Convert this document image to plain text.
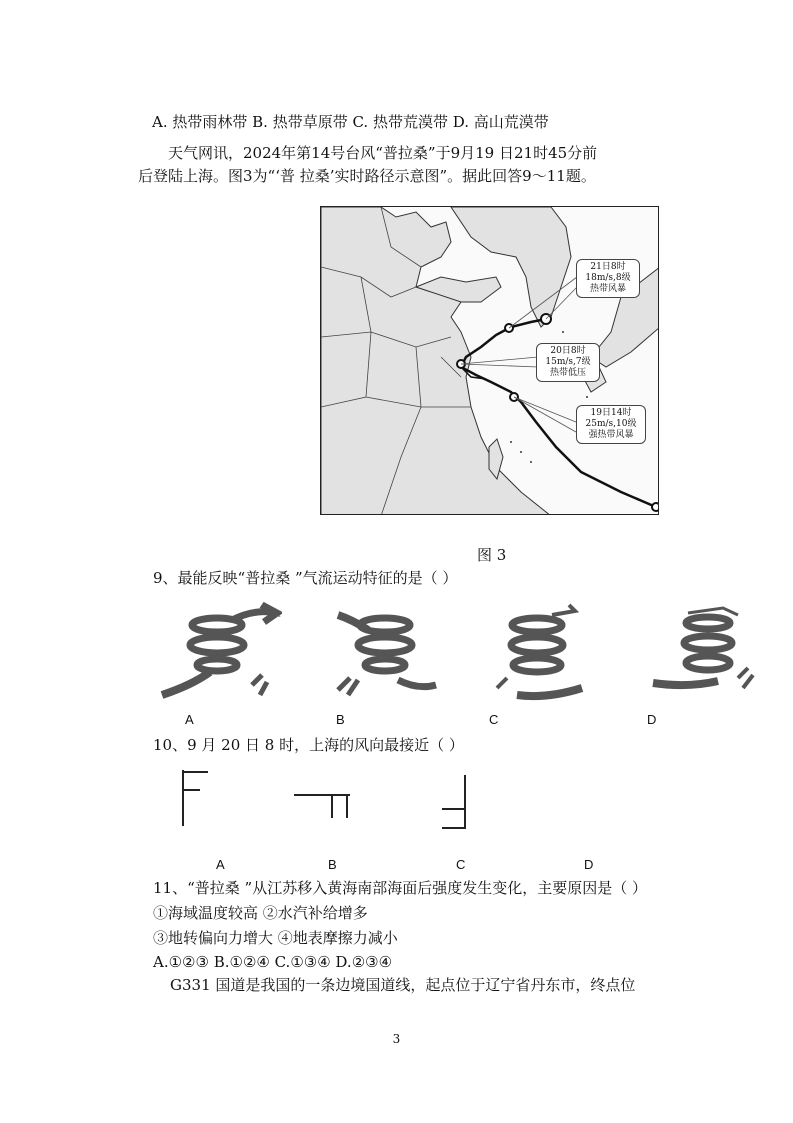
A. 热带雨林带 B. 热带草原带 C. 热带荒漠带 D. 高山荒漠带
天气网讯，2024年第14号台风“普拉桑”于9月19 日21时45分前
后登陆上海。图3为“‘普 拉桑’实时路径示意图”。据此回答9～11题。
21日8时
18m/s,8级
热带风暴
20日8时
15m/s,7级
热带低压
19日14时
25m/s,10级
强热带风暴
图 3
9、最能反映“普拉桑 ”气流运动特征的是（ ）
A	B	C	D
10、9 月 20 日 8 时，上海的风向最接近（ ）
A	B	C	D
11、“普拉桑 ”从江苏移入黄海南部海面后强度发生变化，主要原因是（ ）
①海域温度较高 ②水汽补给增多
③地转偏向力增大 ④地表摩擦力减小
A.①②③ B.①②④ C.①③④ D.②③④
G331 国道是我国的一条边境国道线，起点位于辽宁省丹东市，终点位
3
